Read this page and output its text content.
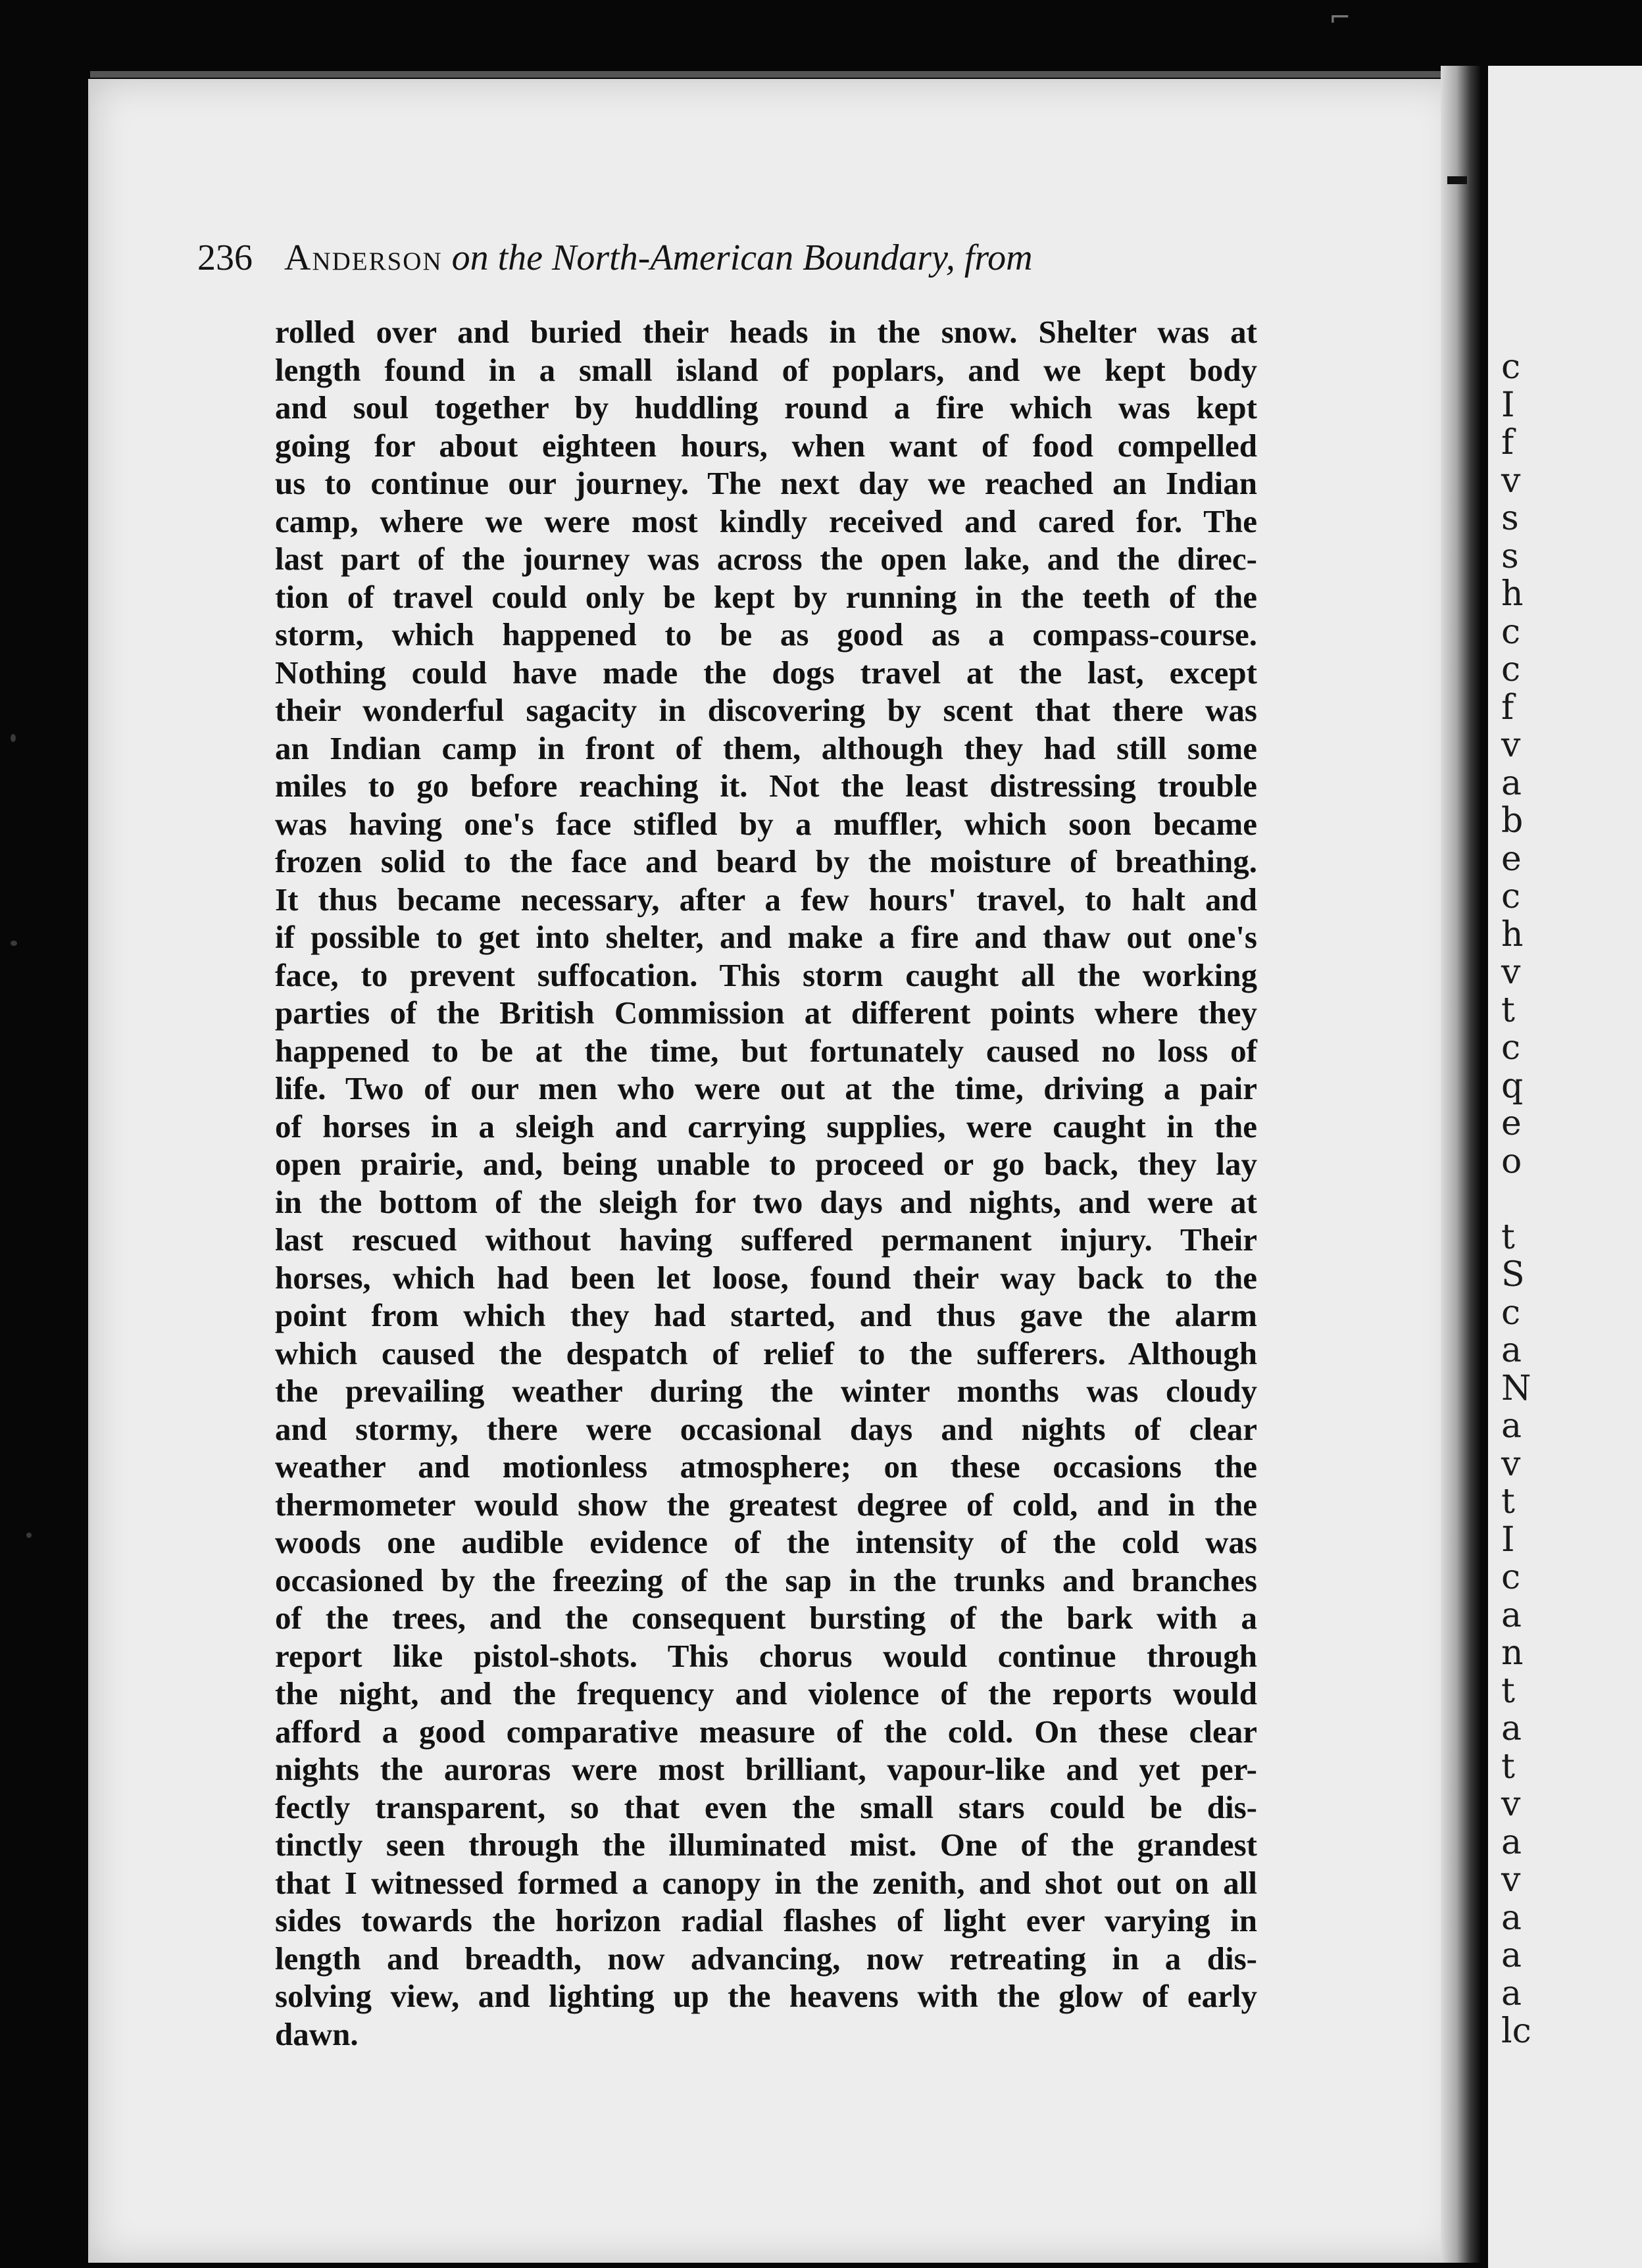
⌐
c
I
f
v
s
s
h
c
c
f
v
a
b
e
c
h
v
t
c
q
e
o
t
S
c
a
N
a
v
t
I
c
a
n
t
a
t
v
a
v
a
a
a
lc
236 Anderson on the North-American Boundary, from
rolled over and buried their heads in the snow. Shelter was at
length found in a small island of poplars, and we kept body
and soul together by huddling round a fire which was kept
going for about eighteen hours, when want of food compelled
us to continue our journey. The next day we reached an Indian
camp, where we were most kindly received and cared for. The
last part of the journey was across the open lake, and the direc-
tion of travel could only be kept by running in the teeth of the
storm, which happened to be as good as a compass-course.
Nothing could have made the dogs travel at the last, except
their wonderful sagacity in discovering by scent that there was
an Indian camp in front of them, although they had still some
miles to go before reaching it. Not the least distressing trouble
was having one's face stifled by a muffler, which soon became
frozen solid to the face and beard by the moisture of breathing.
It thus became necessary, after a few hours' travel, to halt and
if possible to get into shelter, and make a fire and thaw out one's
face, to prevent suffocation. This storm caught all the working
parties of the British Commission at different points where they
happened to be at the time, but fortunately caused no loss of
life. Two of our men who were out at the time, driving a pair
of horses in a sleigh and carrying supplies, were caught in the
open prairie, and, being unable to proceed or go back, they lay
in the bottom of the sleigh for two days and nights, and were at
last rescued without having suffered permanent injury. Their
horses, which had been let loose, found their way back to the
point from which they had started, and thus gave the alarm
which caused the despatch of relief to the sufferers. Although
the prevailing weather during the winter months was cloudy
and stormy, there were occasional days and nights of clear
weather and motionless atmosphere; on these occasions the
thermometer would show the greatest degree of cold, and in the
woods one audible evidence of the intensity of the cold was
occasioned by the freezing of the sap in the trunks and branches
of the trees, and the consequent bursting of the bark with a
report like pistol-shots. This chorus would continue through
the night, and the frequency and violence of the reports would
afford a good comparative measure of the cold. On these clear
nights the auroras were most brilliant, vapour-like and yet per-
fectly transparent, so that even the small stars could be dis-
tinctly seen through the illuminated mist. One of the grandest
that I witnessed formed a canopy in the zenith, and shot out on all
sides towards the horizon radial flashes of light ever varying in
length and breadth, now advancing, now retreating in a dis-
solving view, and lighting up the heavens with the glow of early
dawn.
